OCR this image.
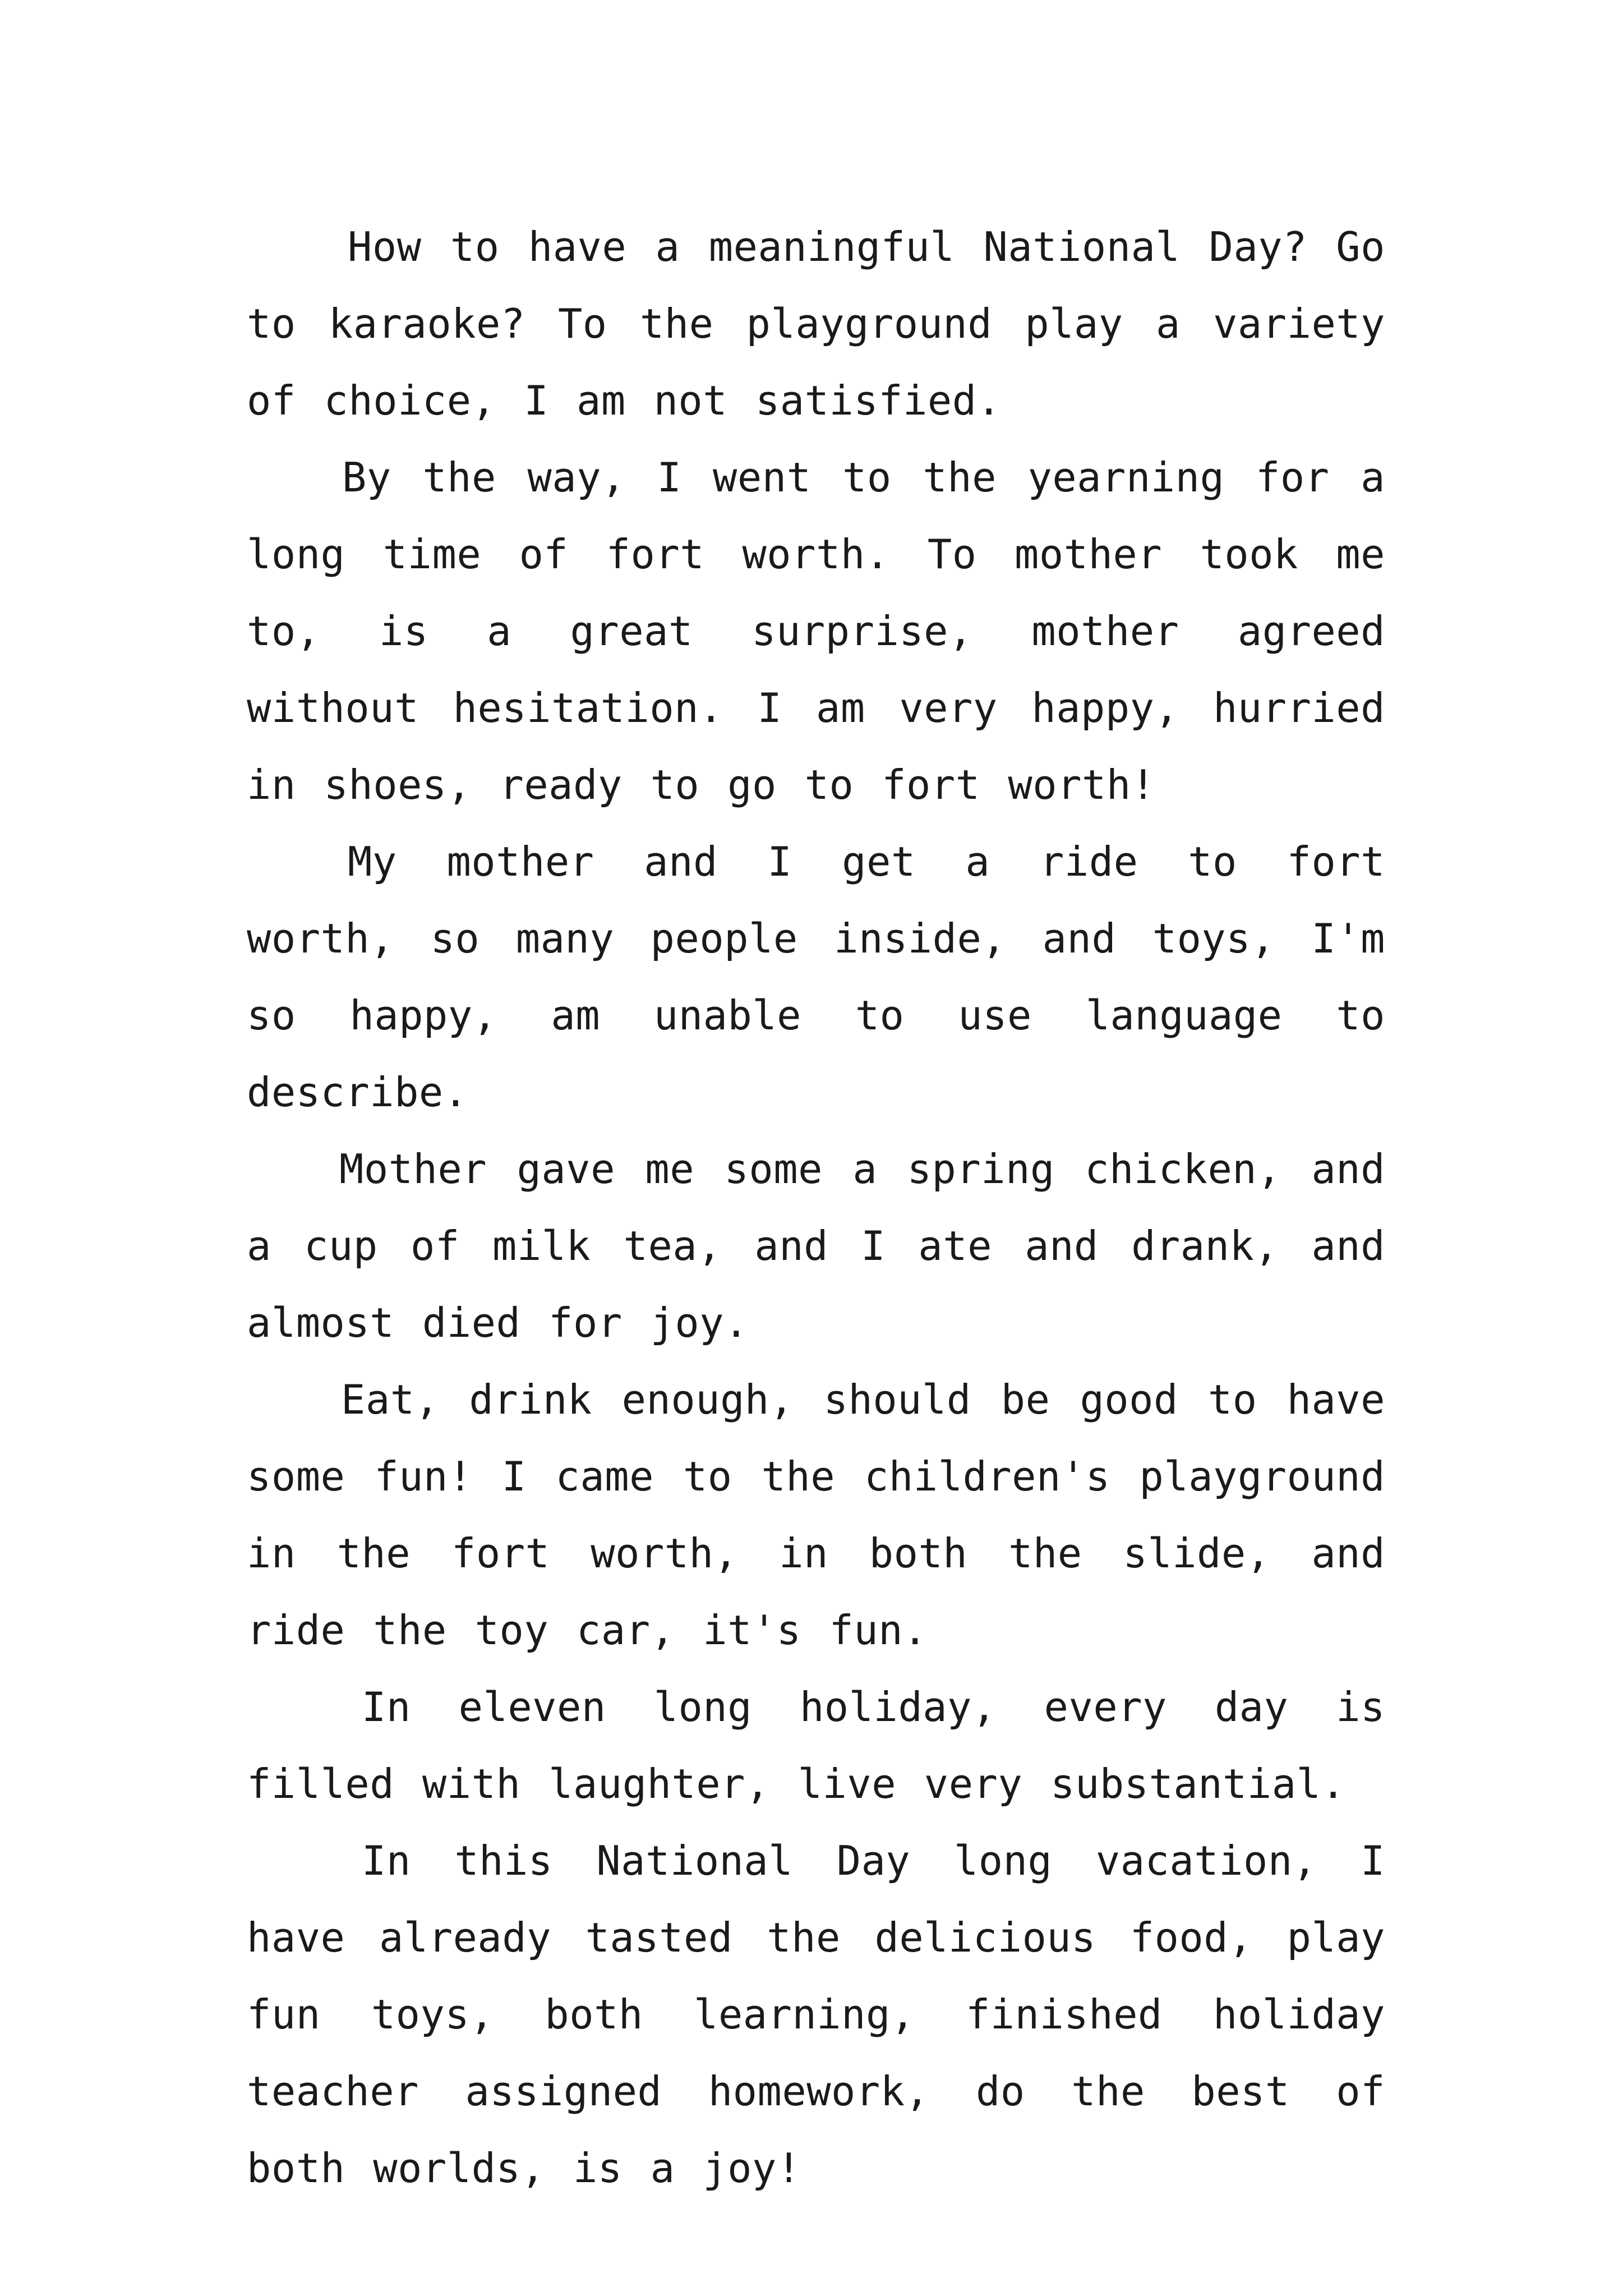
How to have a meaningful National Day? Go to karaoke? To the playground play a variety of choice, I am not satisfied.

By the way, I went to the yearning for a long time of fort worth. To mother took me to, is a great surprise, mother agreed without hesitation. I am very happy, hurried in shoes, ready to go to fort worth!

My mother and I get a ride to fort worth, so many people inside, and toys, I'm so happy, am unable to use language to describe.

Mother gave me some a spring chicken, and a cup of milk tea, and I ate and drank, and almost died for joy.

Eat, drink enough, should be good to have some fun! I came to the children's playground in the fort worth, in both the slide, and ride the toy car, it's fun.

In eleven long holiday, every day is filled with laughter, live very substantial.

In this National Day long vacation, I have already tasted the delicious food, play fun toys, both learning, finished holiday teacher assigned homework, do the best of both worlds, is a joy!
